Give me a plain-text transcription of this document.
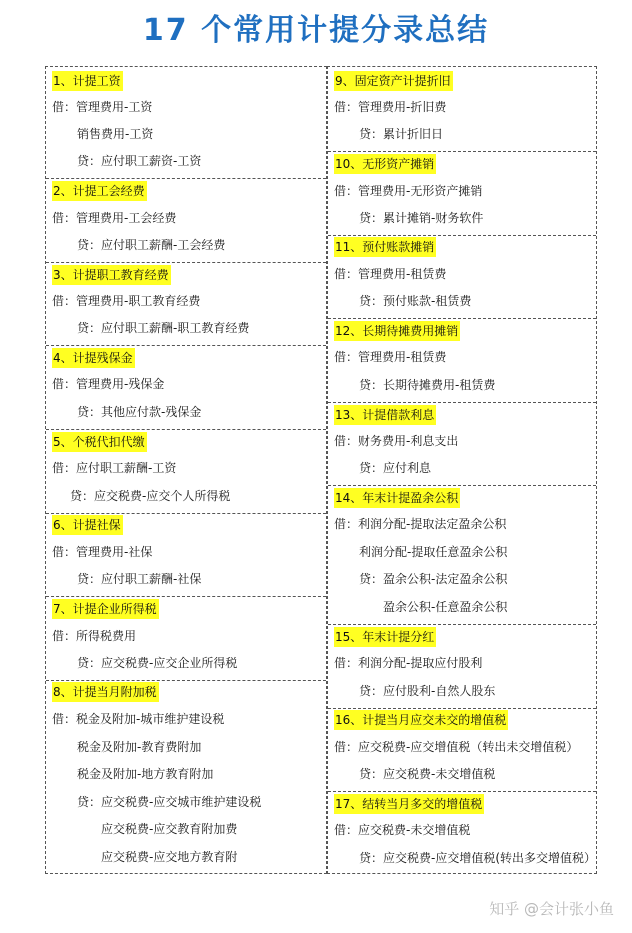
17 个常用计提分录总结
1、计提工资
借：管理费用-工资
销售费用-工资
贷：应付职工薪资-工资
2、计提工会经费
借：管理费用-工会经费
贷：应付职工薪酬-工会经费
3、计提职工教育经费
借：管理费用-职工教育经费
贷：应付职工薪酬-职工教育经费
4、计提残保金
借：管理费用-残保金
贷：其他应付款-残保金
5、个税代扣代缴
借：应付职工薪酬-工资
贷：应交税费-应交个人所得税
6、计提社保
借：管理费用-社保
贷：应付职工薪酬-社保
7、计提企业所得税
借：所得税费用
贷：应交税费-应交企业所得税
8、计提当月附加税
借：税金及附加-城市维护建设税
税金及附加-教育费附加
税金及附加-地方教育附加
贷：应交税费-应交城市维护建设税
应交税费-应交教育附加费
应交税费-应交地方教育附
9、固定资产计提折旧
借：管理费用-折旧费
贷：累计折旧日
10、无形资产摊销
借：管理费用-无形资产摊销
贷：累计摊销-财务软件
11、预付账款摊销
借：管理费用-租赁费
贷：预付账款-租赁费
12、长期待摊费用摊销
借：管理费用-租赁费
贷：长期待摊费用-租赁费
13、计提借款利息
借：财务费用-利息支出
贷：应付利息
14、年末计提盈余公积
借：利润分配-提取法定盈余公积
利润分配-提取任意盈余公积
贷：盈余公积-法定盈余公积
盈余公积-任意盈余公积
15、年末计提分红
借：利润分配-提取应付股利
贷：应付股利-自然人股东
16、计提当月应交未交的增值税
借：应交税费-应交增值税（转出未交增值税）
贷：应交税费-未交增值税
17、结转当月多交的增值税
借：应交税费-未交增值税
贷：应交税费-应交增值税(转出多交增值税）
知乎 @会计张小鱼
